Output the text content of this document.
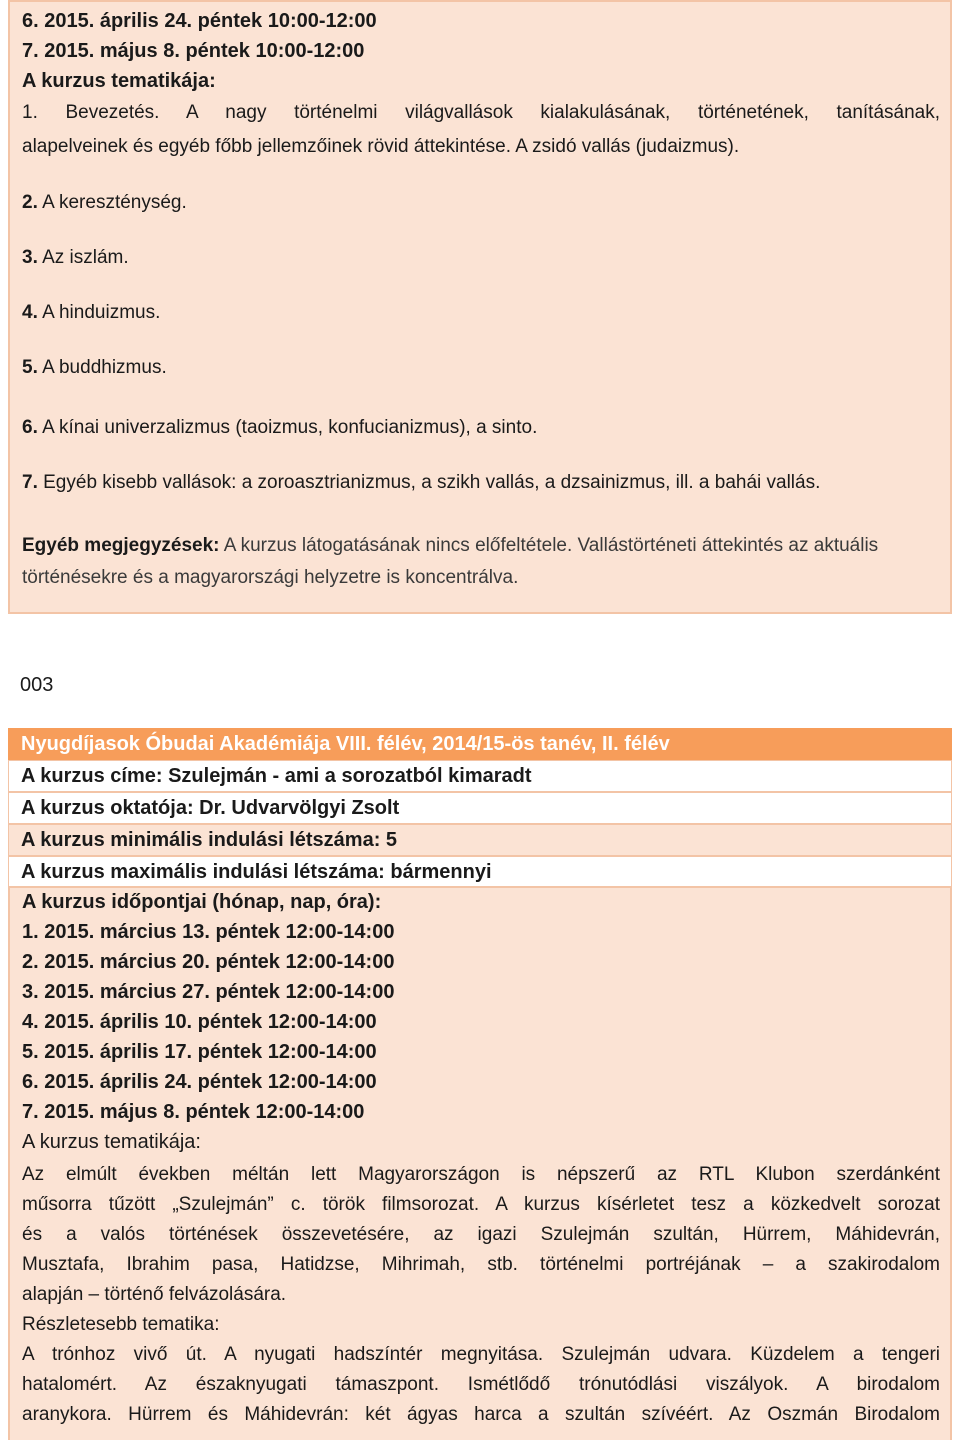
6. 2015. április 24. péntek 10:00-12:00
7. 2015. május 8. péntek 10:00-12:00
A kurzus tematikája:
1. Bevezetés. A nagy történelmi világvallások kialakulásának, történetének, tanításának,
alapelveinek és egyéb főbb jellemzőinek rövid áttekintése. A zsidó vallás (judaizmus).
2. A kereszténység.
3. Az iszlám.
4. A hinduizmus.
5. A buddhizmus.
6. A kínai univerzalizmus (taoizmus, konfucianizmus), a sinto.
7. Egyéb kisebb vallások: a zoroasztrianizmus, a szikh vallás, a dzsainizmus, ill. a bahái vallás.
Egyéb megjegyzések: A kurzus látogatásának nincs előfeltétele. Vallástörténeti áttekintés az aktuális történésekre és a magyarországi helyzetre is koncentrálva.
003
Nyugdíjasok Óbudai Akadémiája VIII. félév, 2014/15-ös tanév, II. félév
A kurzus címe: Szulejmán - ami a sorozatból kimaradt
A kurzus oktatója: Dr. Udvarvölgyi Zsolt
A kurzus minimális indulási létszáma: 5
A kurzus maximális indulási létszáma: bármennyi
A kurzus időpontjai (hónap, nap, óra):
1. 2015. március 13. péntek 12:00-14:00
2. 2015. március 20. péntek 12:00-14:00
3. 2015. március 27. péntek 12:00-14:00
4. 2015. április 10. péntek 12:00-14:00
5. 2015. április 17. péntek 12:00-14:00
6. 2015. április 24. péntek 12:00-14:00
7. 2015. május 8. péntek 12:00-14:00
A kurzus tematikája:
Az elmúlt években méltán lett Magyarországon is népszerű az RTL Klubon szerdánként
műsorra tűzött „Szulejmán” c. török filmsorozat. A kurzus kísérletet tesz a közkedvelt sorozat
és a valós történések összevetésére, az igazi Szulejmán szultán, Hürrem, Máhidevrán,
Musztafa, Ibrahim pasa, Hatidzse, Mihrimah, stb. történelmi portréjának – a szakirodalom
alapján – történő felvázolására.
Részletesebb tematika:
A trónhoz vivő út. A nyugati hadszíntér megnyitása. Szulejmán udvara. Küzdelem a tengeri
hatalomért. Az északnyugati támaszpont. Ismétlődő trónutódlási viszályok. A birodalom
aranykora. Hürrem és Máhidevrán: két ágyas harca a szultán szívéért. Az Oszmán Birodalom
